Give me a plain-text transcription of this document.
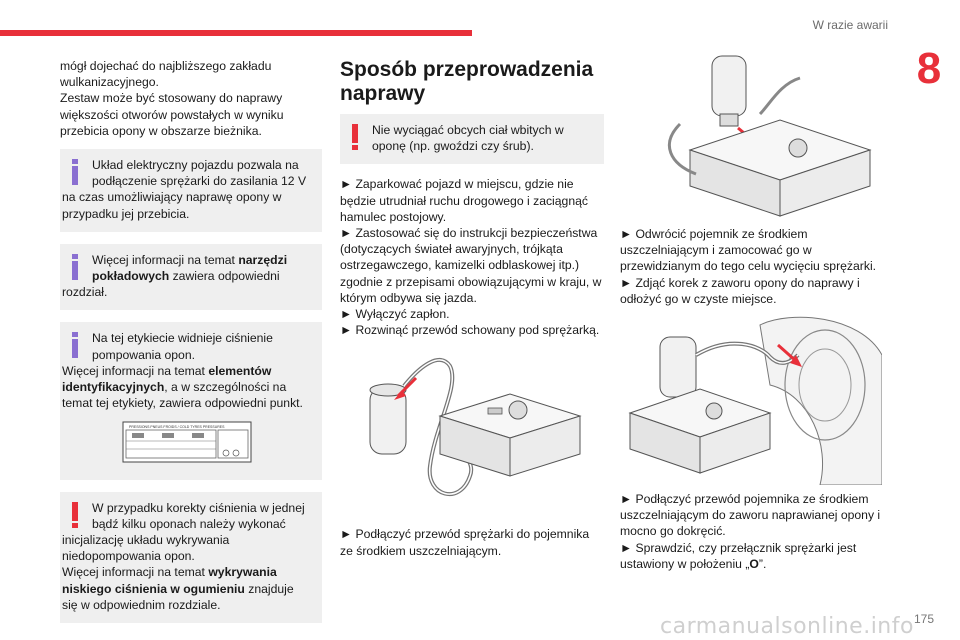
W razie awarii
8

mógł dojechać do najbliższego zakładu

wulkanizacyjnego.

Zestaw może być stosowany do naprawy

większości otworów powstałych w wyniku

przebicia opony w obszarze bieżnika.

Układ elektryczny pojazdu pozwala na
podłączenie sprężarki do zasilania 12 V
na czas umożliwiający naprawę opony w
przypadku jej przebicia.
Więcej informacji na temat narzędzi
pokładowych zawiera odpowiedni
rozdział.
Na tej etykiecie widnieje ciśnienie
pompowania opon.
Więcej informacji na temat elementów
identyfikacyjnych, a w szczególności na
temat tej etykiety, zawiera odpowiedni punkt.
PRESSIONS PNEUS FROIDS / COLD TYRES PRESSURES
W przypadku korekty ciśnienia w jednej
bądź kilku oponach należy wykonać
inicjalizację układu wykrywania
niedopompowania opon.
Więcej informacji na temat wykrywania
niskiego ciśnienia w ogumieniu znajduje
się w odpowiednim rozdziale.
Sposób przeprowadzenia
naprawy
Nie wyciągać obcych ciał wbitych w
oponę (np. gwoździ czy śrub).

► Zaparkować pojazd w miejscu, gdzie nie

będzie utrudniał ruchu drogowego i zaciągnąć

hamulec postojowy.

► Zastosować się do instrukcji bezpieczeństwa

(dotyczących świateł awaryjnych, trójkąta

ostrzegawczego, kamizelki odblaskowej itp.)

zgodnie z przepisami obowiązującymi w kraju, w

którym odbywa się jazda.

► Wyłączyć zapłon.

► Rozwinąć przewód schowany pod sprężarką.

► Podłączyć przewód sprężarki do pojemnika

ze środkiem uszczelniającym.

► Odwrócić pojemnik ze środkiem

uszczelniającym i zamocować go w

przewidzianym do tego celu wycięciu sprężarki.

► Zdjąć korek z zaworu opony do naprawy i

odłożyć go w czyste miejsce.

► Podłączyć przewód pojemnika ze środkiem

uszczelniającym do zaworu naprawianej opony i

mocno go dokręcić.

► Sprawdzić, czy przełącznik sprężarki jest

ustawiony w położeniu „O”.

carmanualsonline.info 175
